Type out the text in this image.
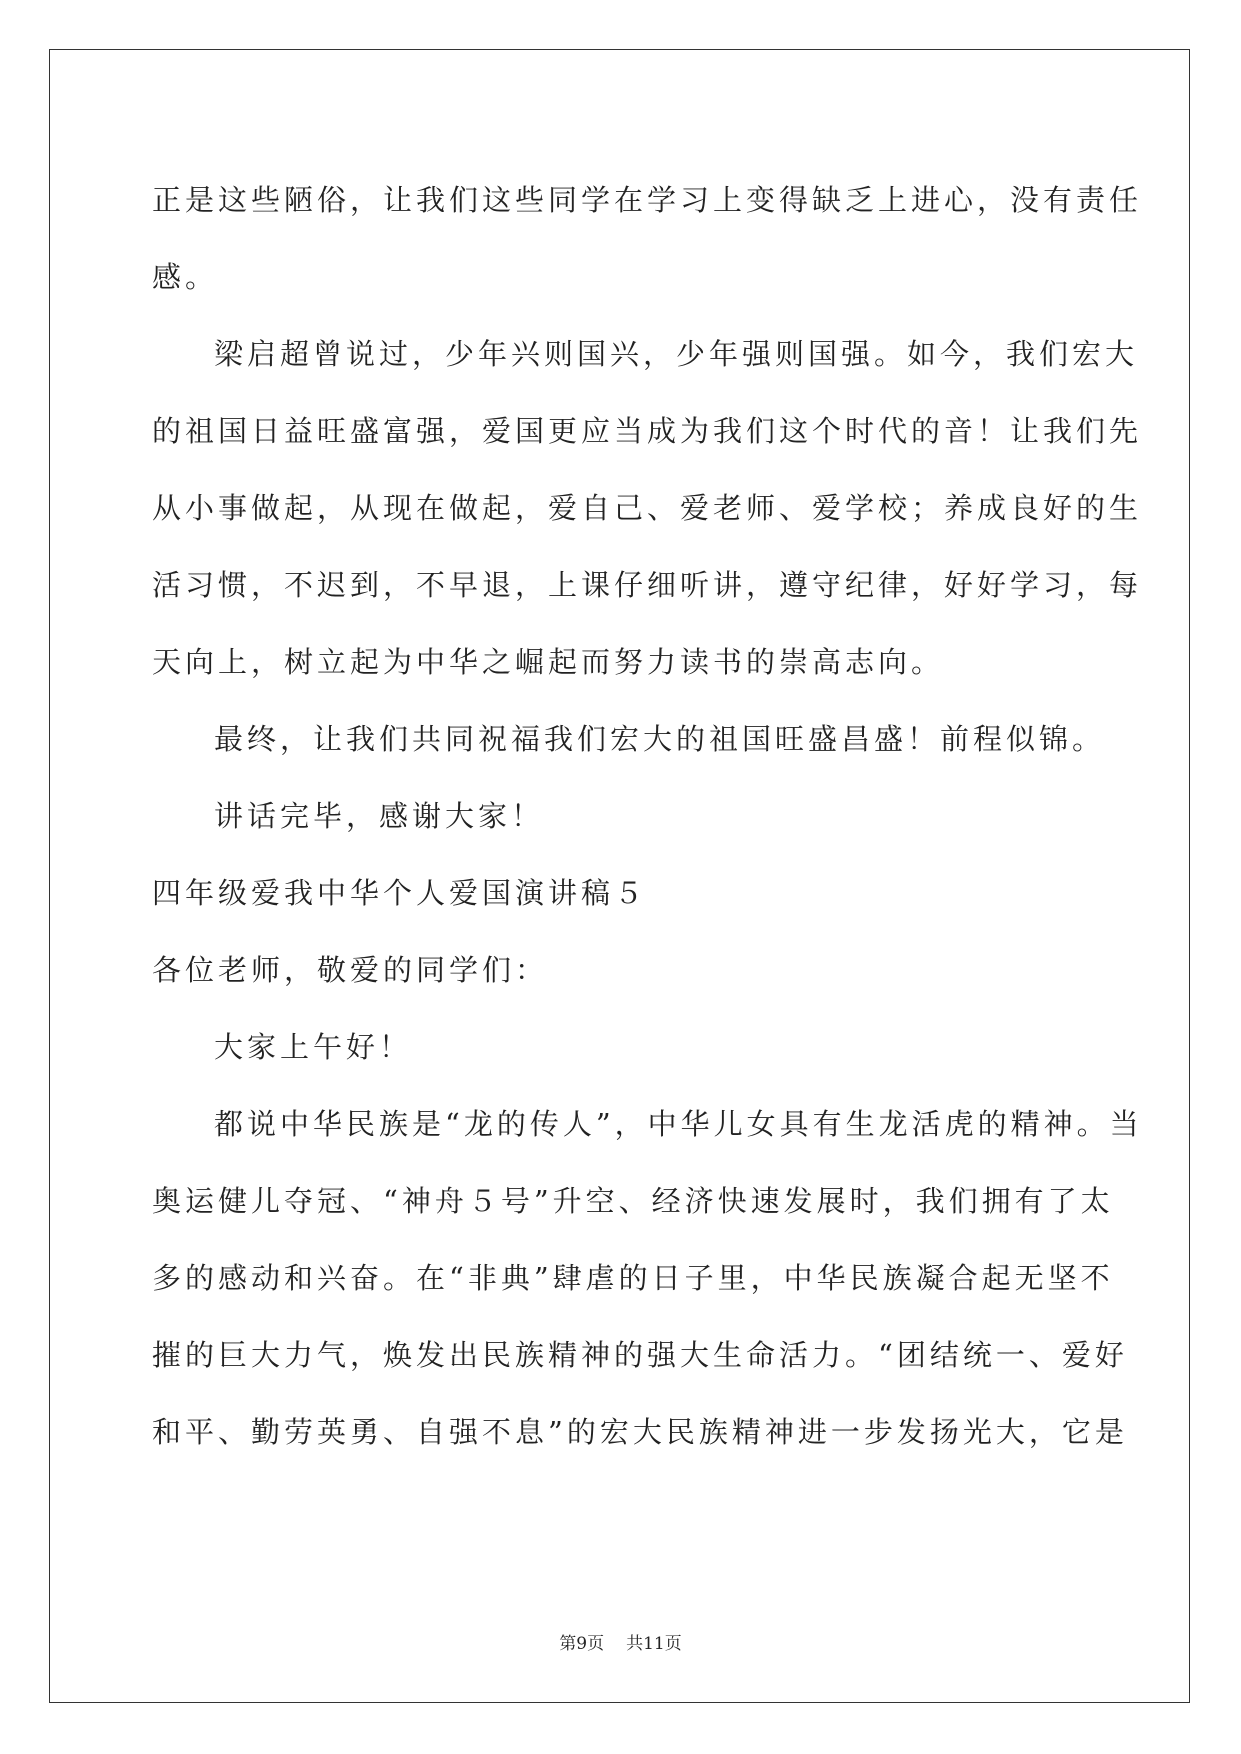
正是这些陋俗，让我们这些同学在学习上变得缺乏上进心，没有责任
感。
梁启超曾说过，少年兴则国兴，少年强则国强。如今，我们宏大
的祖国日益旺盛富强，爱国更应当成为我们这个时代的音！让我们先
从小事做起，从现在做起，爱自己、爱老师、爱学校；养成良好的生
活习惯，不迟到，不早退，上课仔细听讲，遵守纪律，好好学习，每
天向上，树立起为中华之崛起而努力读书的崇高志向。
最终，让我们共同祝福我们宏大的祖国旺盛昌盛！前程似锦。
讲话完毕，感谢大家！
四年级爱我中华个人爱国演讲稿５
各位老师，敬爱的同学们：
大家上午好！
都说中华民族是“龙的传人”，中华儿女具有生龙活虎的精神。当
奥运健儿夺冠、“神舟５号”升空、经济快速发展时，我们拥有了太
多的感动和兴奋。在“非典”肆虐的日子里，中华民族凝合起无坚不
摧的巨大力气，焕发出民族精神的强大生命活力。“团结统一、爱好
和平、勤劳英勇、自强不息”的宏大民族精神进一步发扬光大，它是
第9页 共11页
